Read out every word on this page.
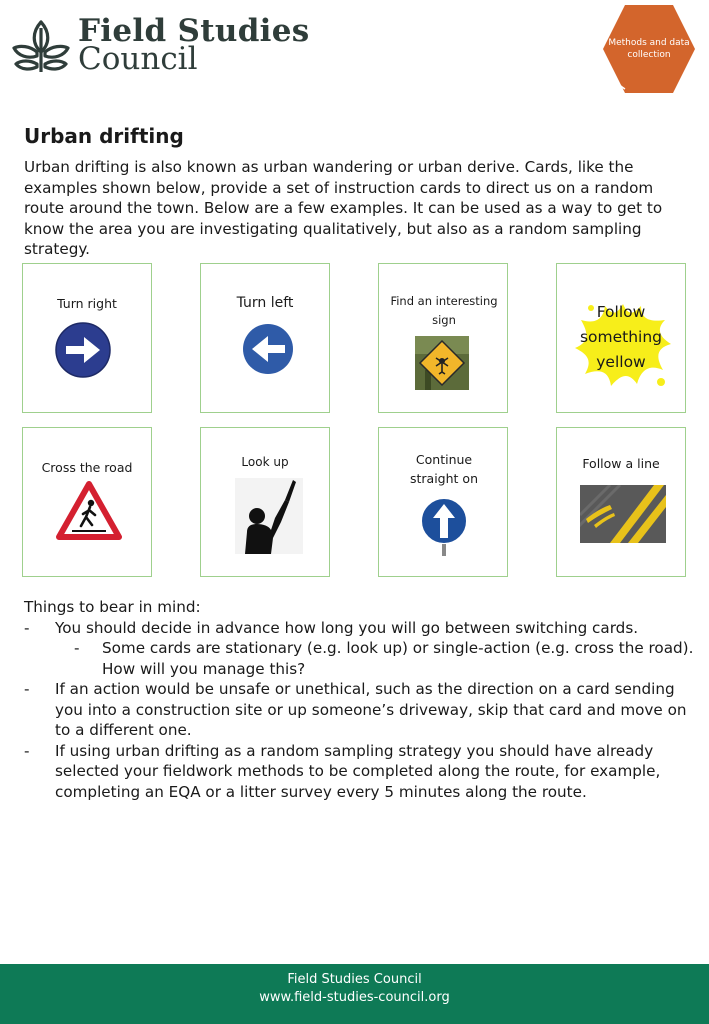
Field Studies
Council	Methods and data collection
Urban drifting

Urban drifting is also known as urban wandering or urban derive. Cards, like the examples shown below, provide a set of instruction cards to direct us on a random route around the town. Below are a few examples. It can be used as a way to get to know the area you are investigating qualitatively, but also as a random sampling strategy.

Turn right	Turn left	Find an interesting sign	Follow something yellow
Cross the road	Look up	Continue straight on
Follow a line

Things to bear in mind:

- You should decide in advance how long you will go between switching cards.

- Some cards are stationary (e.g. look up) or single-action (e.g. cross the road). How will you manage this?

- If an action would be unsafe or unethical, such as the direction on a card sending you into a construction site or up someone’s driveway, skip that card and move on to a different one.

- If using urban drifting as a random sampling strategy you should have already selected your fieldwork methods to be completed along the route, for example, completing an EQA or a litter survey every 5 minutes along the route.

Field Studies Council
www.field-studies-council.org
